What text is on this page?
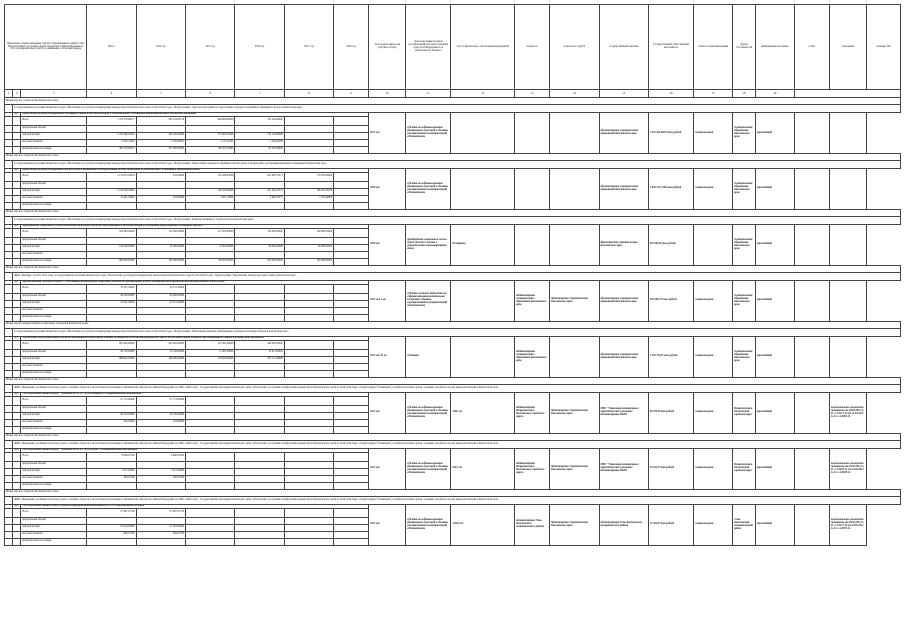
Предельные объемы денежных средств, направляемых в рамках этапа Ведомственных программ в форме бюджетного финансирования на этот срок финансовых средств, осваиваемых в отчетный период			Всего	2014 год	2015 год	2016 год	2017 год	2018 год	срок подачи заявок для участия в отборе	срок подготовки проектов постановлений для предоставления средств из Федерального и регионального бюджета	способ финансового обеспечения мероприятий	мощность	получатель средств	государственный заказчик	государственный ответственный исполнитель	объем и сроки выполнения	форма собственности	наименование источника	статус	отклонение	значение ПД
1	2	3	4	5	6	7	8	9	10	11	12	13	14	15	16	17	18	19			
Министерство строительства Камчатского края																					
	Государственная программа Камчатского края "Обеспечение доступным и комфортным жильем жителей Камчатского края на 2014-2018 годы". Подпрограмма "Адресная программа по переселению граждан из аварийного жилищного фонда в Камчатском крае".																				
	4.1	Переселение граждан из аварийного жилищного фонда в Камчатском крае в соответствии с жилищным законодательством Российской Федерации							2017 год	субсидия на софинансирование капитальных вложений в объекты государственной (муниципальной) собственности				администрации муниципальных образований Камчатского края	2 519 203,66615 тыс.рублей	муниципальная	муниципальные образования Камчатского края	переходящий			
		Всего	1 705 533,80117	565 224,63130	482 806,46200	159 120,00400															
		федеральный бюджет																			
		краевой бюджет	1 235 086,81479	340 196,00000	375 906,70400	139 120,00000															
		местные бюджеты	5 032,12491	2 750,49041	5 111,21205	1 476,42500															
		внебюджетные источники	300 135,00074	357 000,00000	100 107,20400	62 432,00000															
Министерство строительства Камчатского края																					
	Государственная программа Камчатского края "Обеспечение доступным и комфортным жильем жителей Камчатского края на 2014-2018 годы". Подпрограмма "Переселение граждан из аварийных жилых домов и непригодных для проживания жилых помещений в Камчатском крае".																				
	4.2	Переселение граждан из аварийных жилых домов и непригодных для проживания жилых помещений в соответствии с жилищным законодательством							2018 год	субсидия на софинансирование капитальных вложений в объекты государственной (муниципальной) собственности				администрации муниципальных образований Камчатского края	1 820 252,72404 тыс.рублей	муниципальная	муниципальные образования Камчатского края	переходящий			
		Всего	1 112 815,20879	478,40460	141 566,43636	201 065,75273	770 205,00000														
		федеральный бюджет																			
		краевой бюджет	1 120 909,23601		140 566,00000	201 464,76714	768 447,58276														
		местные бюджеты	12 401,05982	478,40460	1 001,14636	3 640,05577	7 762,49080														
		внебюджетные источники																			
Министерство строительства Камчатского края																					
	Государственная программа Камчатского края "Обеспечение доступным и комфортным жильем жителей Камчатского края на 2014-2018 годы". Подпрограмма "Развитие жилищного строительства в Камчатском крае".																				
	4.3	Приобретение социального жилья отдельным категориям граждан, проживающим в Камчатском крае, для решения первоочередных жилищных проблем							2018 год	приобретение социального жилья путем долевого участия в строительстве многоквартирных домов	96 квартир			Министерство строительства Камчатского края	645 000,00 тыс.рублей		муниципальные образования Камчатского края	переходящий			
		Всего	520 000,00000	125 000,00000	127 000,00000	128 000,00000	140 000,00000														
		федеральный бюджет																			
		краевой бюджет	120 000,00000	25 000,00000	27 000,00000	28 000,00000	40 000,00000														
		местные бюджеты																			
		внебюджетные источники	400 000,00000	100 000,00000	100 000,00000	100 000,00000	100 000,00000														
Министерство строительства Камчатского края																					
	ФЦП "Жилище" на 2011-2015 годы / Государственная программа Камчатского края "Обеспечение доступным и комфортным жильем жителей Камчатского края на 2014-2018 годы". Подпрограмма "Обеспечение жильем молодых семей в Камчатском крае".																				
	4.4	Предоставление молодым семьям — участникам подпрограммы социальных выплат на приобретение жилого помещения или строительство индивидуального жилого дома							2015 год, 2 эт	субсидии местным бюджетам на софинансирование капитальных вложений в объекты государственной (муниципальной) собственности		администрации муниципальных образований Камчатского края	Министерство строительства Камчатского края	администрации муниципальных образований Камчатского края	166 098,775 тыс.рублей	муниципальная	муниципальные образования Камчатского края	переходящий			
		Всего	35 351,30000	25 351,30000																	
		федеральный бюджет	40 000,00000	40 000,00000																	
		краевой бюджет	25 351,30000	25 351,30000																	
		местные бюджеты																			
		внебюджетные источники																			
Министерство имущественных и земельных отношений Камчатского края																					
	Государственная программа Камчатского края "Обеспечение доступным и комфортным жильем жителей Камчатского края на 2014-2018 годы". Подпрограмма "Обеспечение жилыми помещениями отдельных категорий граждан в Камчатском крае".																				
	4.5	Обеспечение благоустроенными жилыми помещениями детей-сирот и детей, оставшихся без попечения родителей, лиц из числа детей-сирот, а также лиц, потерявших в период обучения обоих родителей							2017 год, 91 кв	субвенции		администрации муниципальных образований Камчатского края		администрации муниципальных образований Камчатского края	1 250 752,91 тыс.рублей	муниципальная	муниципальные образования Камчатского края	переходящий			
		Всего	925 665,00000	203 626,00000	325 461,00000	246 632,00000															
		федеральный бюджет	26 720,00000	13 726,00000	11 861,00000	10 911,00000															
		краевой бюджет	898 945,00000	189 900,00000	163 600,00000	235 721,00000															
		местные бюджеты																			
		внебюджетные источники																			
Министерство строительства Камчатского края																					
	ФЦП "Повышение устойчивости жилых домов, основных объектов и систем жизнеобеспечения в сейсмических районах Российской Федерации на 2009 - 2018 годы" / Государственная программа Камчатского края "Обеспечение доступным и комфортным жильем жителей Камчатского края на 2014-2018 годы". Подпрограмма "Повышение устойчивости жилых домов, основных объектов и систем жизнеобеспечения в Камчатском крае".																				
	4.6	Сейсмоусиление здания МБДОУ "Детский сад № 10" по ул.Рябикова, 4 в Петропавловске-Камчатском							2014 год	субсидия на софинансирование капитальных вложений в объекты государственной (муниципальной) собственности	1990, м2	администрация Петропавловск-Камчатского городского округа	Министерство строительства Камчатского края	МКУ "Управление капитального строительства и ремонта" администрации ПКГО	69 769,39 тыс.рублей	муниципальная	Петропавловск-Камчатский городской округ	переходящий		положительное заключение экспертизы от 28.03.2013 № 41-1-4-0114-13 от 11.02.2013 № 41-1-4-0082-13	
		Всего	27 172,00000	27 172,00000																	
		федеральный бюджет																			
		краевой бюджет	26 720,00000	26 720,00000																	
		местные бюджеты	452,00000	452,00000																	
		внебюджетные источники																			
Министерство строительства Камчатского края																					
	ФЦП "Повышение устойчивости жилых домов, основных объектов и систем жизнеобеспечения в сейсмических районах Российской Федерации на 2009 - 2018 годы" / Государственная программа Камчатского края "Обеспечение доступным и комфортным жильем жителей Камчатского края на 2014-2018 годы". Подпрограмма "Повышение устойчивости жилых домов, основных объектов и систем жизнеобеспечения в Камчатском крае".																				
	4.10	Сейсмоусиление здания МБДОУ "Детский сад № 49" по ул.Труда, 7 в Петропавловске-Камчатском							2014 год	субсидия на софинансирование капитальных вложений в объекты государственной (муниципальной) собственности	942,2 м2	администрация Петропавловск-Камчатского городского округа	Министерство строительства Камчатского края	МКУ "Управление капитального строительства и ремонта" администрации ПКГО	32 183,37 тыс.рублей	муниципальная	Петропавловск-Камчатский городской округ	переходящий		положительное заключение экспертизы от 18.03.2014 № 41-1-4-0023-14 от 16.03.2014 № 41-1-4-0028-14	
		Всего	8 090,45760	8 090,45760																	
		федеральный бюджет																			
		краевой бюджет	7 617,60000	7 617,60000																	
		местные бюджеты	384,25760	384,25760																	
		внебюджетные источники																			
Министерство строительства Камчатского края																					
	ФЦП "Повышение устойчивости жилых домов, основных объектов и систем жизнеобеспечения в сейсмических районах Российской Федерации на 2009 - 2018 годы" / Государственная программа Камчатского края "Обеспечение доступным и комфортным жильем жителей Камчатского края на 2014-2018 годы". Подпрограмма "Повышение устойчивости жилых домов, основных объектов и систем жизнеобеспечения в Камчатском крае".																				
	4.11	Сейсмоусиление здания (блоки Б) средней общеобразовательной школы № 2 в п.Усть-Камчатск (II этап)							2015 год	субсидия на софинансирование капитальных вложений в объекты государственной (муниципальной) собственности	3120,0 м2	администрация Усть-Камчатского муниципального района	Министерство строительства Камчатского края	администрация Усть-Камчатского муниципального района	71 304,87 тыс.рублей	муниципальная	Усть-Камчатский муниципальный район	переходящий		положительное заключение экспертизы от 28.03.2013 № 41-1-4-0114-13 от 29.01.2014 № 41-1-4-0019-14	
		Всего	27 667,47700	27 667,47700																	
		федеральный бюджет																			
		краевой бюджет	27 003,00000	27 003,00000																	
		местные бюджеты	664,47700	664,47700																	
		внебюджетные источники																			
